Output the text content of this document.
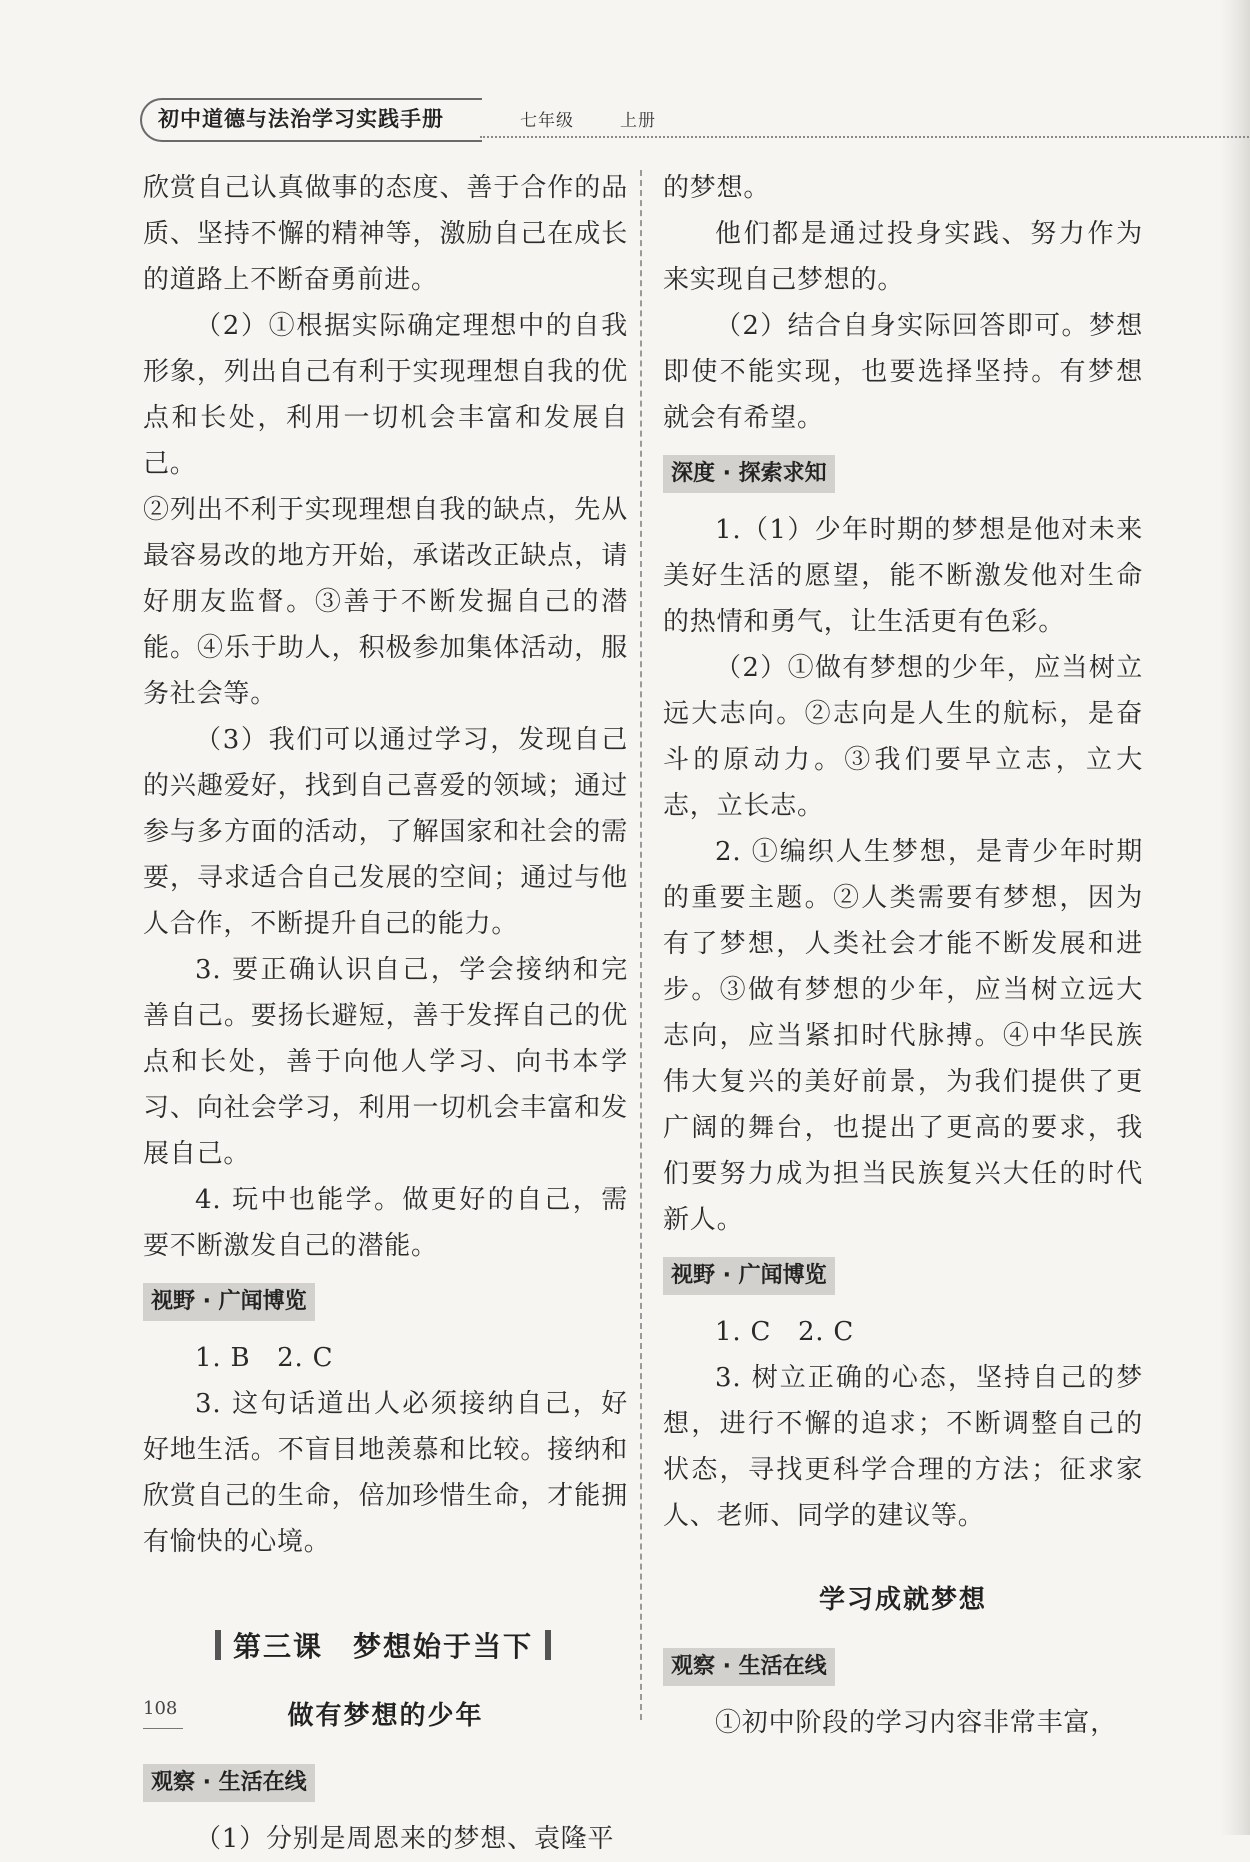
初中道德与法治学习实践手册	七年级	上册

欣赏自己认真做事的态度、善于合作的品质、坚持不懈的精神等，激励自己在成长的道路上不断奋勇前进。

（2）①根据实际确定理想中的自我形象，列出自己有利于实现理想自我的优点和长处，利用一切机会丰富和发展自己。

②列出不利于实现理想自我的缺点，先从最容易改的地方开始，承诺改正缺点，请好朋友监督。③善于不断发掘自己的潜能。④乐于助人，积极参加集体活动，服务社会等。

（3）我们可以通过学习，发现自己的兴趣爱好，找到自己喜爱的领域；通过参与多方面的活动，了解国家和社会的需要，寻求适合自己发展的空间；通过与他人合作，不断提升自己的能力。

3. 要正确认识自己，学会接纳和完善自己。要扬长避短，善于发挥自己的优点和长处，善于向他人学习、向书本学习、向社会学习，利用一切机会丰富和发展自己。

4. 玩中也能学。做更好的自己，需要不断激发自己的潜能。

视野 · 广闻博览

1. B　2. C

3. 这句话道出人必须接纳自己，好好地生活。不盲目地羡慕和比较。接纳和欣赏自己的生命，倍加珍惜生命，才能拥有愉快的心境。

第三课　梦想始于当下
做有梦想的少年
观察 · 生活在线

（1）分别是周恩来的梦想、袁隆平

的梦想。

他们都是通过投身实践、努力作为来实现自己梦想的。

（2）结合自身实际回答即可。梦想即使不能实现，也要选择坚持。有梦想就会有希望。

深度 · 探索求知

1.（1）少年时期的梦想是他对未来美好生活的愿望，能不断激发他对生命的热情和勇气，让生活更有色彩。

（2）①做有梦想的少年，应当树立远大志向。②志向是人生的航标，是奋斗的原动力。③我们要早立志，立大志，立长志。

2. ①编织人生梦想，是青少年时期的重要主题。②人类需要有梦想，因为有了梦想，人类社会才能不断发展和进步。③做有梦想的少年，应当树立远大志向，应当紧扣时代脉搏。④中华民族伟大复兴的美好前景，为我们提供了更广阔的舞台，也提出了更高的要求，我们要努力成为担当民族复兴大任的时代新人。

视野 · 广闻博览

1. C　2. C

3. 树立正确的心态，坚持自己的梦想，进行不懈的追求；不断调整自己的状态，寻找更科学合理的方法；征求家人、老师、同学的建议等。

学习成就梦想
观察 · 生活在线

①初中阶段的学习内容非常丰富，

108
